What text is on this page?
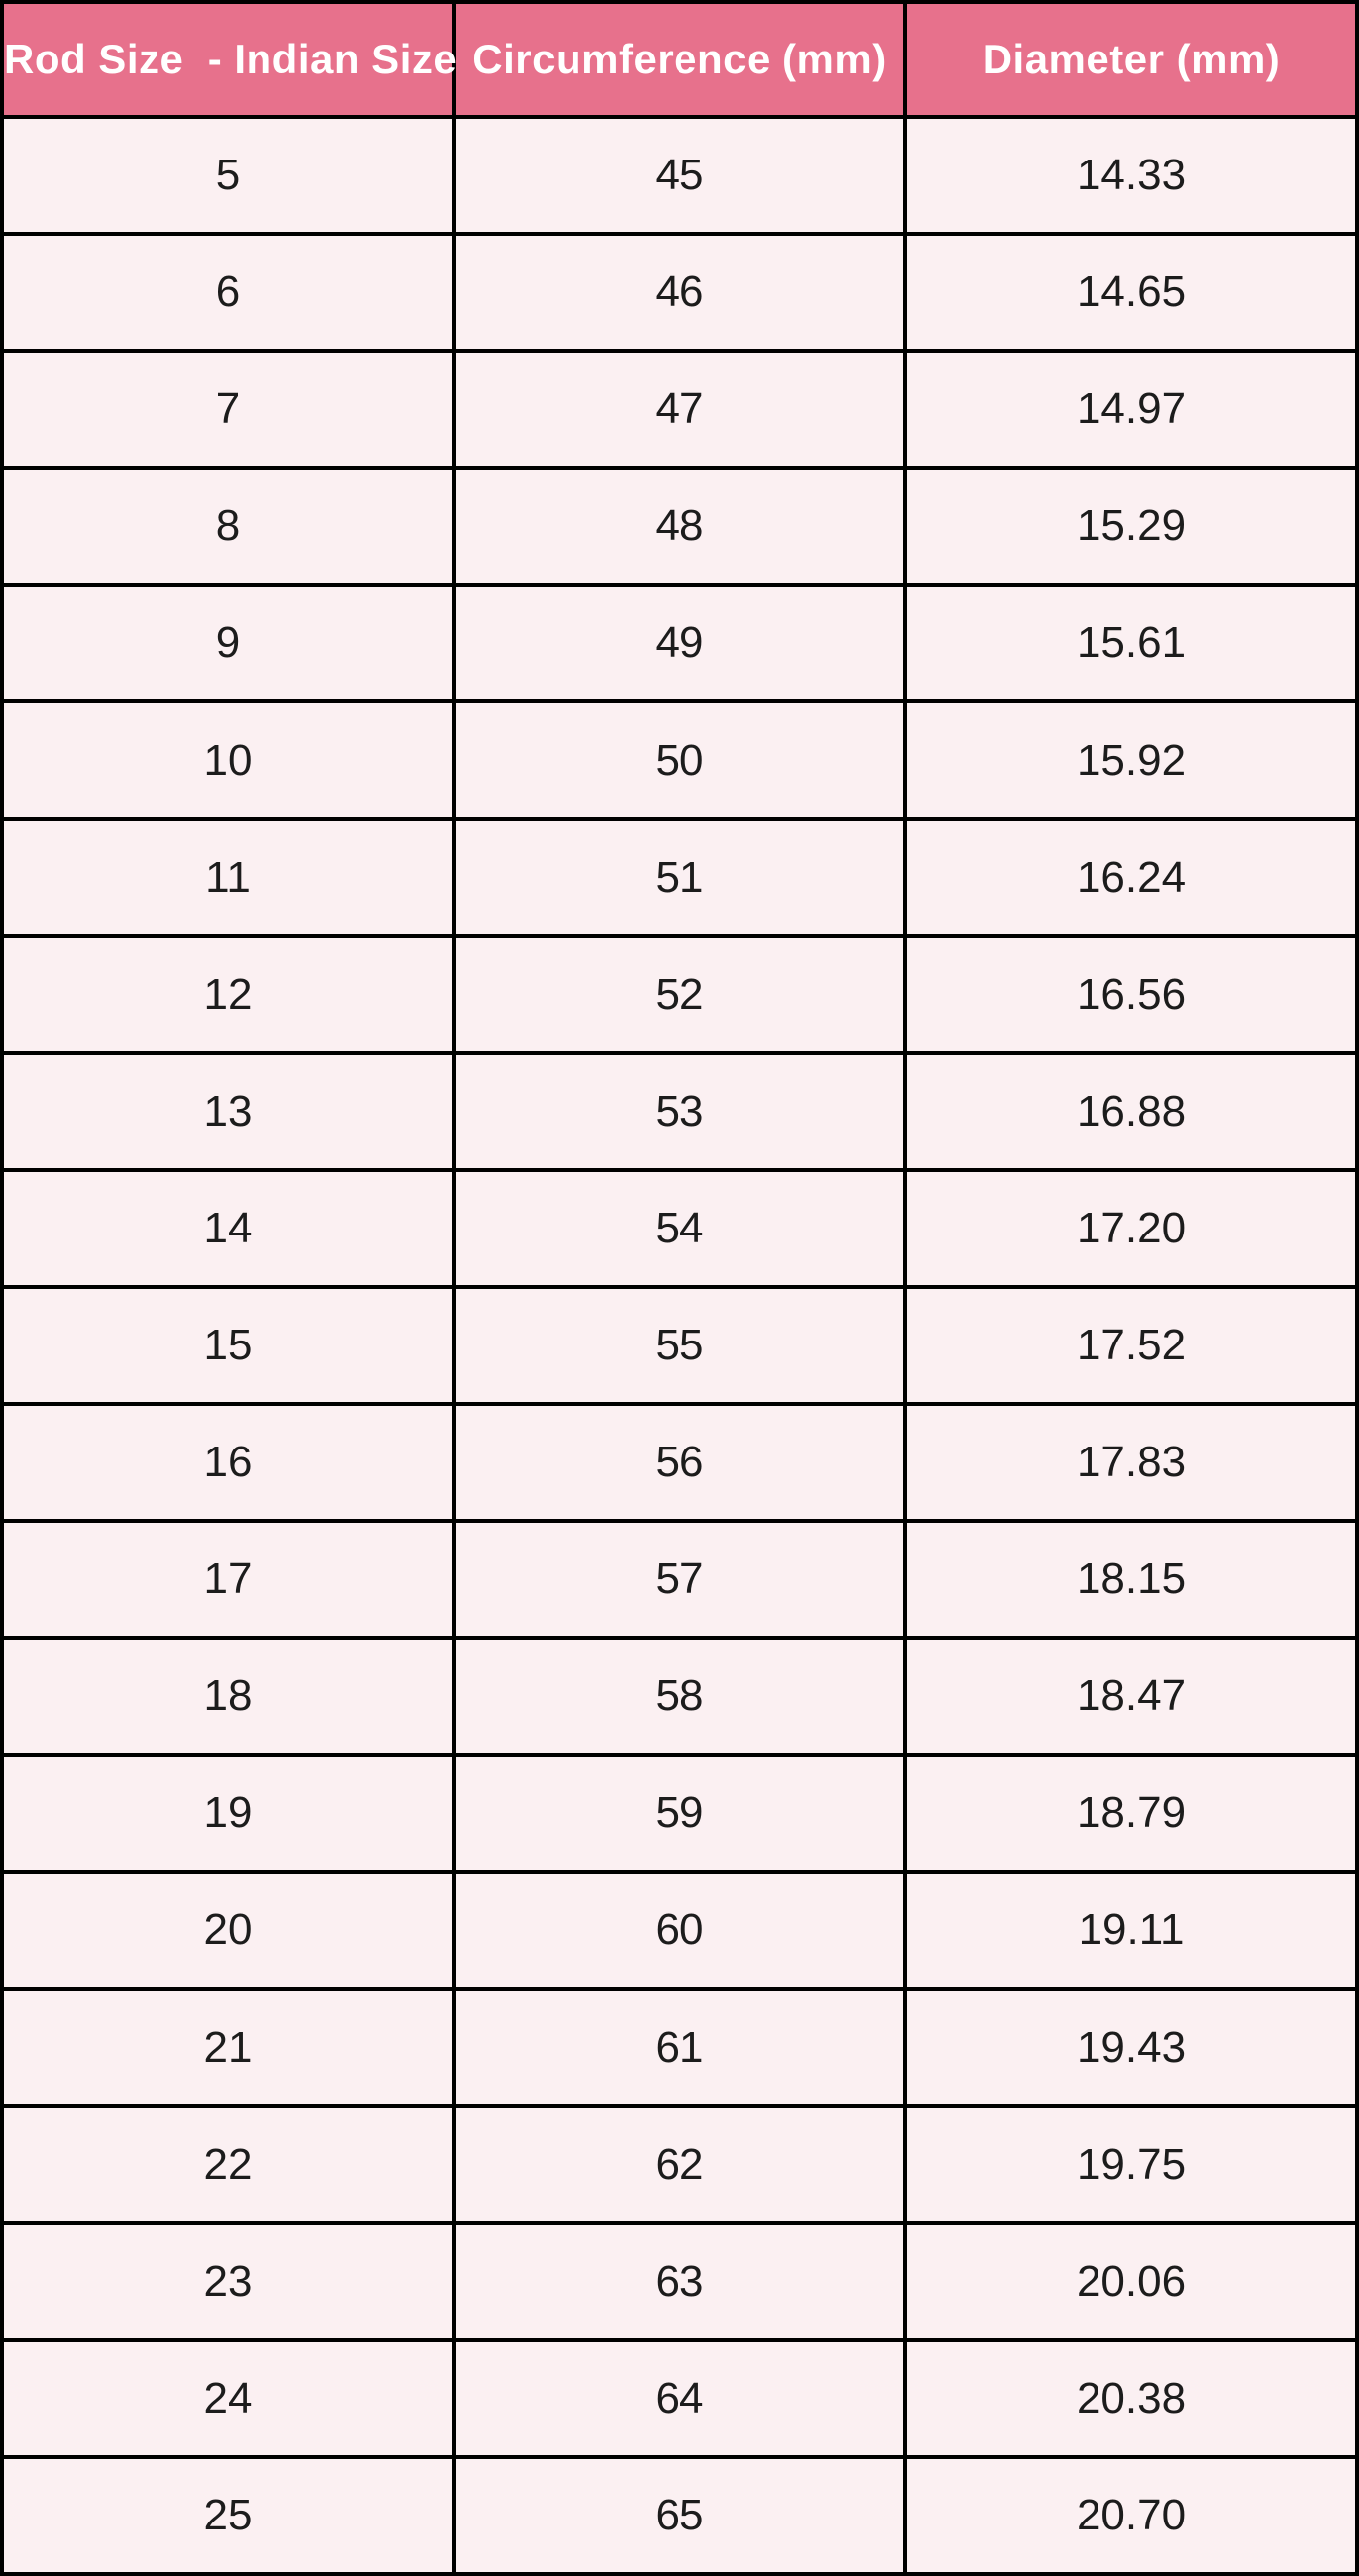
Rod Size  - Indian Size	Circumference (mm)	Diameter (mm)
5	45	14.33
6	46	14.65
7	47	14.97
8	48	15.29
9	49	15.61
10	50	15.92
11	51	16.24
12	52	16.56
13	53	16.88
14	54	17.20
15	55	17.52
16	56	17.83
17	57	18.15
18	58	18.47
19	59	18.79
20	60	19.11
21	61	19.43
22	62	19.75
23	63	20.06
24	64	20.38
25	65	20.70
